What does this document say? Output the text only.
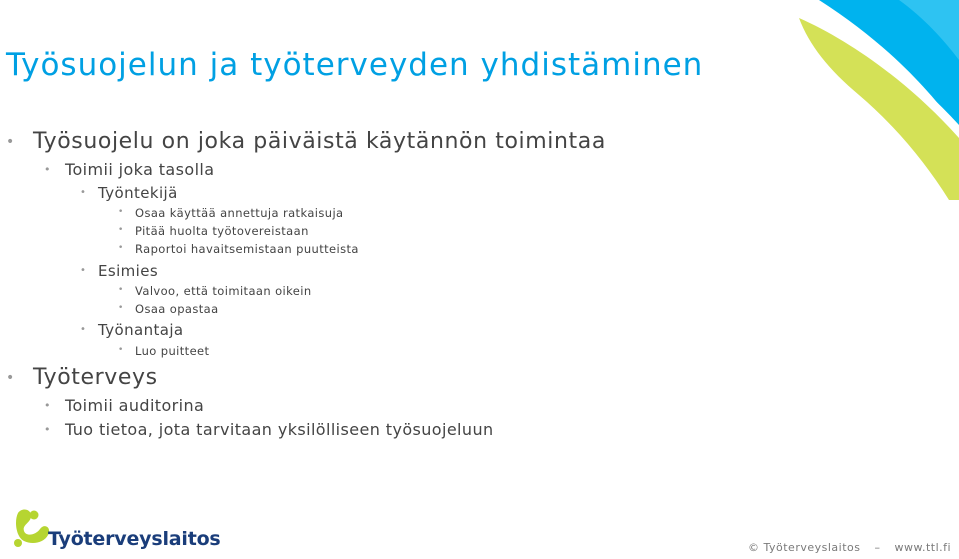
Työsuojelun ja työterveyden yhdistäminen
• Työsuojelu on joka päiväistä käytännön toimintaa
• Toimii joka tasolla
• Työntekijä
• Osaa käyttää annettuja ratkaisuja
• Pitää huolta työtovereistaan
• Raportoi havaitsemistaan puutteista
• Esimies
• Valvoo, että toimitaan oikein
• Osaa opastaa
• Työnantaja
• Luo puitteet
• Työterveys
• Toimii auditorina
• Tuo tietoa, jota tarvitaan yksilölliseen työsuojeluun
Työterveyslaitos	© Työterveyslaitos – www.ttl.fi
